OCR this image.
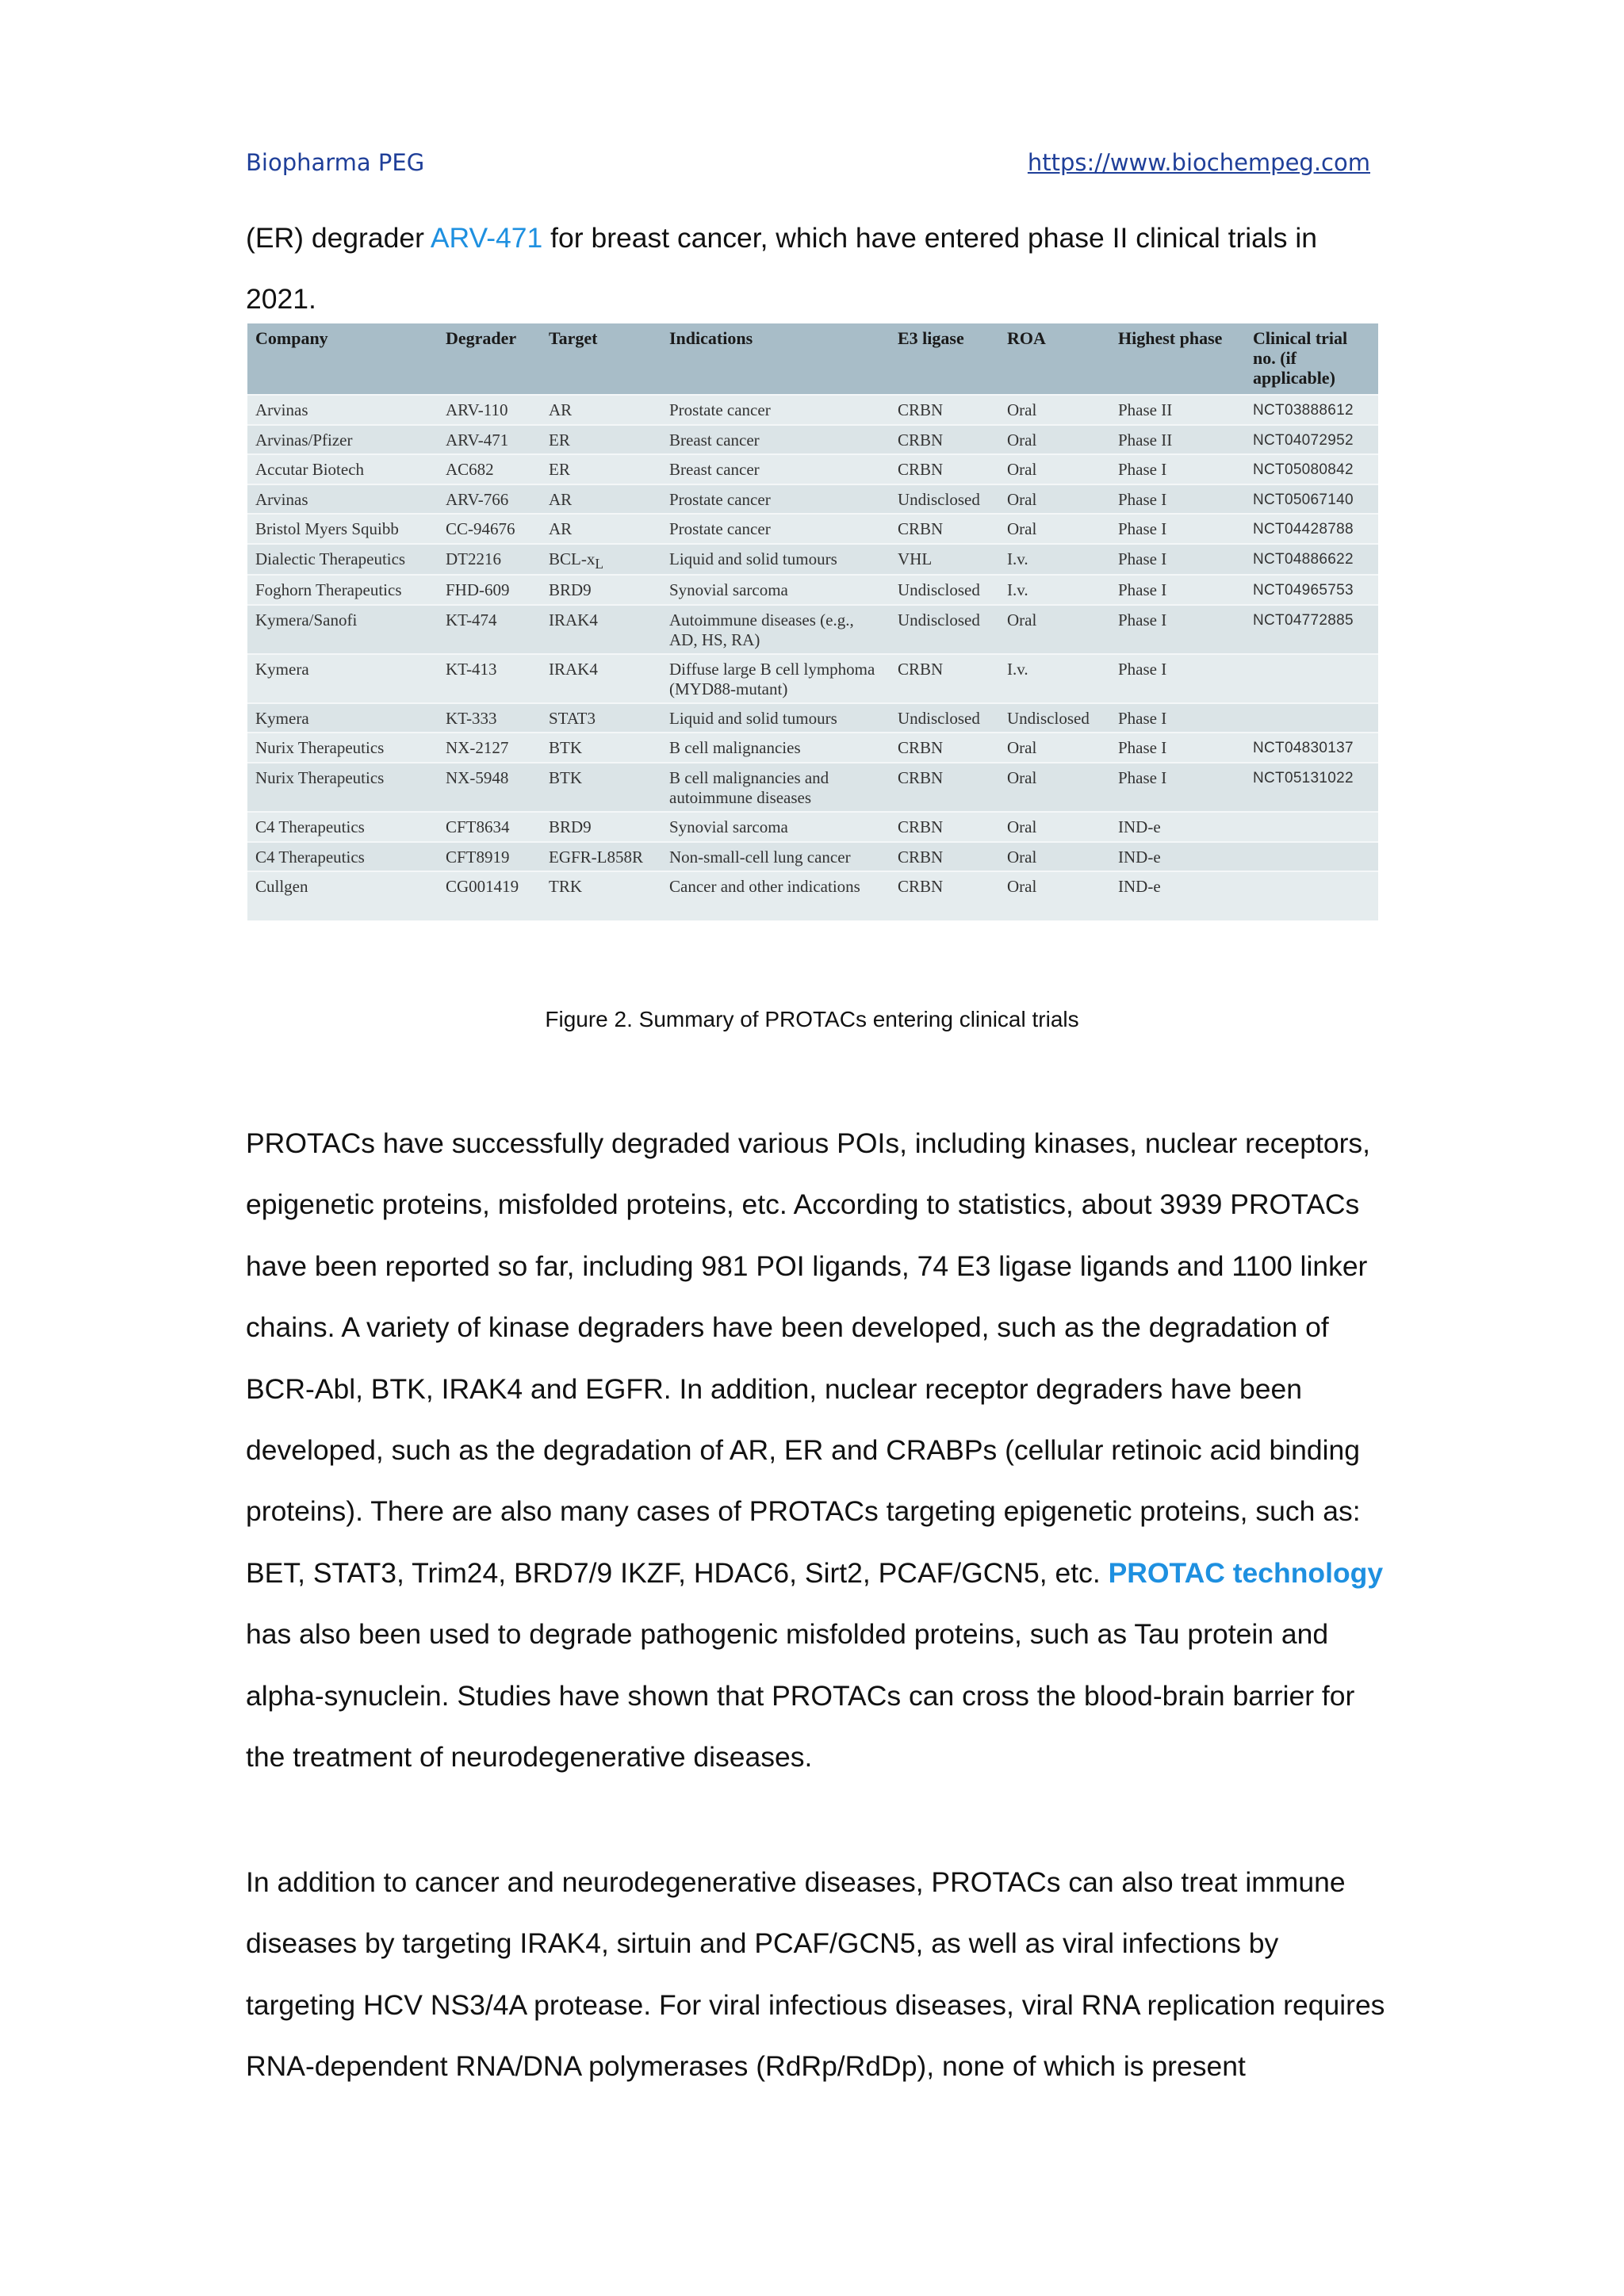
Biopharma PEG	https://www.biochempeg.com
(ER) degrader ARV-471 for breast cancer, which have entered phase II clinical trials in
2021.
Company	Degrader	Target	Indications	E3 ligase	ROA	Highest phase	Clinical trial no. (if applicable)
Arvinas	ARV-110	AR	Prostate cancer	CRBN	Oral	Phase II	NCT03888612
Arvinas/Pfizer	ARV-471	ER	Breast cancer	CRBN	Oral	Phase II	NCT04072952
Accutar Biotech	AC682	ER	Breast cancer	CRBN	Oral	Phase I	NCT05080842
Arvinas	ARV-766	AR	Prostate cancer	Undisclosed	Oral	Phase I	NCT05067140
Bristol Myers Squibb	CC-94676	AR	Prostate cancer	CRBN	Oral	Phase I	NCT04428788
Dialectic Therapeutics	DT2216	BCL-$x_L$	Liquid and solid tumours	VHL	I.v.	Phase I	NCT04886622
Foghorn Therapeutics	FHD-609	BRD9	Synovial sarcoma	Undisclosed	I.v.	Phase I	NCT04965753
Kymera/Sanofi	KT-474	IRAK4	Autoimmune diseases (e.g., AD, HS, RA)	Undisclosed	Oral	Phase I	NCT04772885
Kymera	KT-413	IRAK4	Diffuse large B cell lymphoma (MYD88-mutant)	CRBN	I.v.	Phase I	
Kymera	KT-333	STAT3	Liquid and solid tumours	Undisclosed	Undisclosed	Phase I	
Nurix Therapeutics	NX-2127	BTK	B cell malignancies	CRBN	Oral	Phase I	NCT04830137
Nurix Therapeutics	NX-5948	BTK	B cell malignancies and autoimmune diseases	CRBN	Oral	Phase I	NCT05131022
C4 Therapeutics	CFT8634	BRD9	Synovial sarcoma	CRBN	Oral	IND-e	
C4 Therapeutics	CFT8919	EGFR-L858R	Non-small-cell lung cancer	CRBN	Oral	IND-e	
Cullgen	CG001419	TRK	Cancer and other indications	CRBN	Oral	IND-e	
Figure 2. Summary of PROTACs entering clinical trials
PROTACs have successfully degraded various POIs, including kinases, nuclear receptors, epigenetic proteins, misfolded proteins, etc. According to statistics, about 3939 PROTACs have been reported so far, including 981 POI ligands, 74 E3 ligase ligands and 1100 linker chains. A variety of kinase degraders have been developed, such as the degradation of BCR-Abl, BTK, IRAK4 and EGFR. In addition, nuclear receptor degraders have been developed, such as the degradation of AR, ER and CRABPs (cellular retinoic acid binding proteins). There are also many cases of PROTACs targeting epigenetic proteins, such as: BET, STAT3, Trim24, BRD7/9 IKZF, HDAC6, Sirt2, PCAF/GCN5, etc. PROTAC technology has also been used to degrade pathogenic misfolded proteins, such as Tau protein and alpha-synuclein. Studies have shown that PROTACs can cross the blood-brain barrier for the treatment of neurodegenerative diseases.
In addition to cancer and neurodegenerative diseases, PROTACs can also treat immune diseases by targeting IRAK4, sirtuin and PCAF/GCN5, as well as viral infections by targeting HCV NS3/4A protease. For viral infectious diseases, viral RNA replication requires RNA-dependent RNA/DNA polymerases (RdRp/RdDp), none of which is present
